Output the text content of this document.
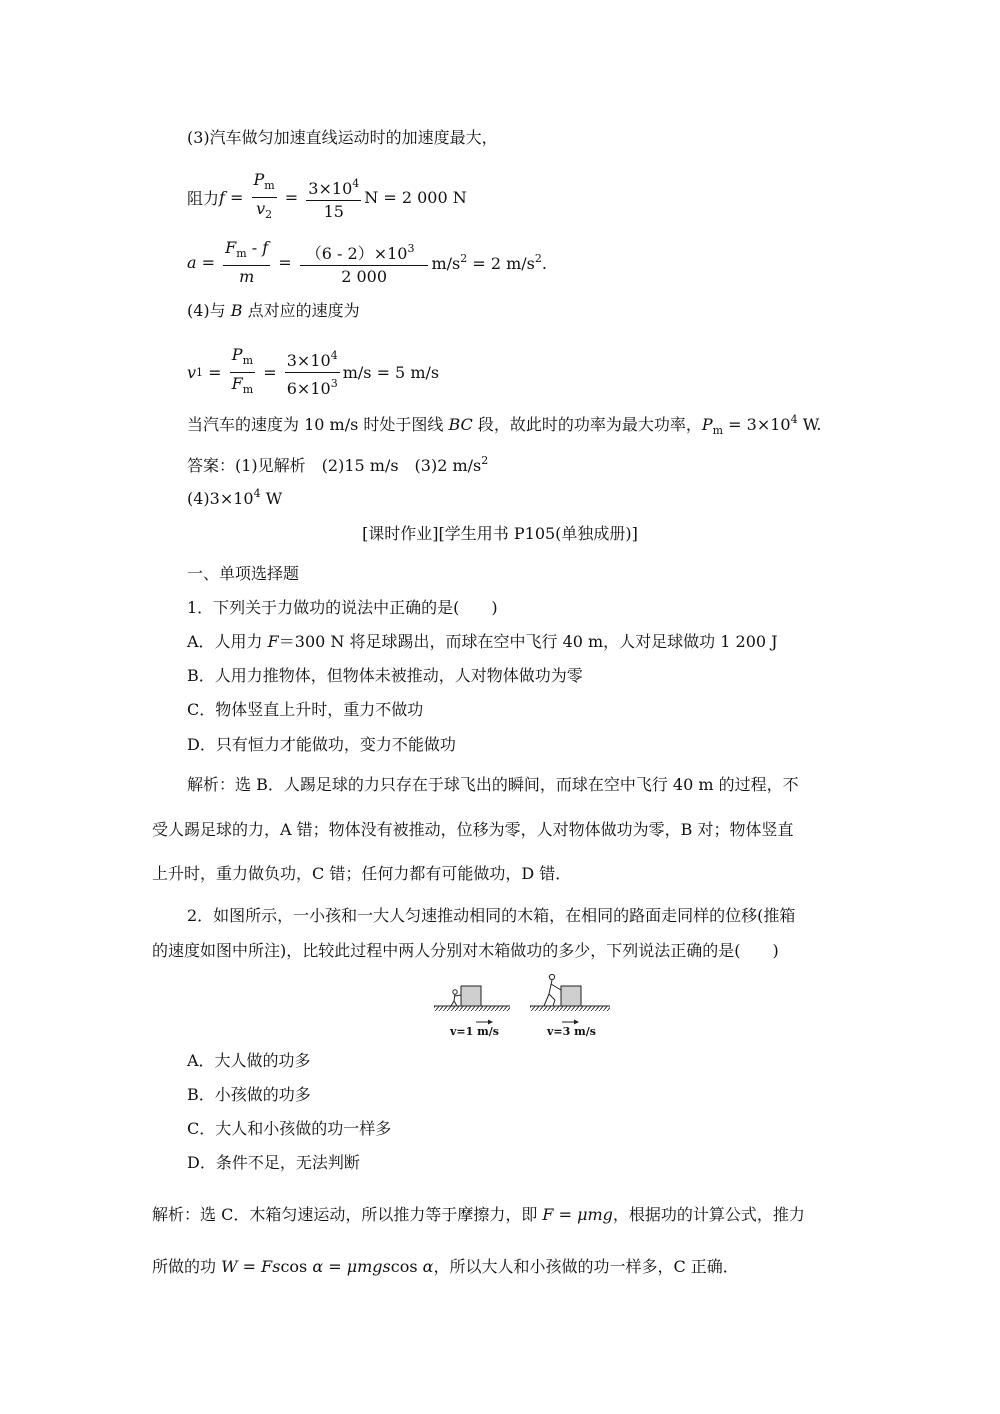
(3)汽车做匀加速直线运动时的加速度最大，
阻力 $f = \frac{P_m}{v_2} = \frac{3\times 10^4}{15}$ N = 2 000 N
$a = \frac{F_m - f}{m} = \frac{(6 - 2)\times 10^3}{2 000} m/s^2 = 2$ $m/s^2$.
(4)与 B 点对应的速度为
v $1 = \frac{P_m}{F_m} = \frac{3\times 10^4}{6\times 10^3} m/s = 5$ m/s
当汽车的速度为 10 m/s 时处于图线 BC 段，故此时的功率为最大功率，$P_m = 3\times 10^4$ W.
答案：(1)见解析　(2)15 m/s　(3)2 $m/s^2$
$(4)3\times 10^4$ W
[课时作业][学生用书 P105(单独成册)]
一、单项选择题
1．下列关于力做功的说法中正确的是(　　)
A．人用力 F＝300 N 将足球踢出，而球在空中飞行 40 m，人对足球做功 1 200 J
B．人用力推物体，但物体未被推动，人对物体做功为零
C．物体竖直上升时，重力不做功
D．只有恒力才能做功，变力不能做功
解析：选 B．人踢足球的力只存在于球飞出的瞬间，而球在空中飞行 40 m 的过程，不
受人踢足球的力，A 错；物体没有被推动，位移为零，人对物体做功为零，B 对；物体竖直
上升时，重力做负功，C 错；任何力都有可能做功，D 错．
2．如图所示，一小孩和一大人匀速推动相同的木箱，在相同的路面走同样的位移(推箱
的速度如图中所注)，比较此过程中两人分别对木箱做功的多少，下列说法正确的是(　　)
v=1 m/s	v=3 m/s
A．大人做的功多
B．小孩做的功多
C．大人和小孩做的功一样多
D．条件不足，无法判断
解析：选 C．木箱匀速运动，所以推力等于摩擦力，即 F = μmg，根据功的计算公式，推力
所做的功 W = Fscos α = μmgscos α，所以大人和小孩做的功一样多，C 正确．
